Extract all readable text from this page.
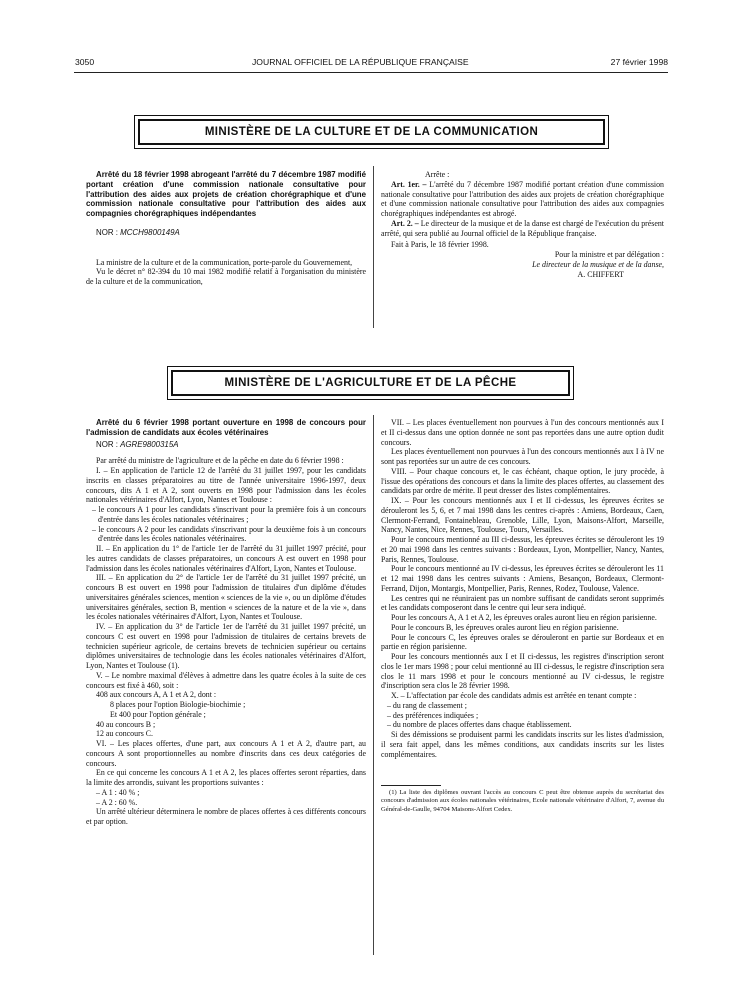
3050	JOURNAL OFFICIEL DE LA RÉPUBLIQUE FRANÇAISE	27 février 1998
MINISTÈRE DE LA CULTURE ET DE LA COMMUNICATION

Arrêté du 18 février 1998 abrogeant l'arrêté du 7 décembre 1987 modifié portant création d'une commission nationale consultative pour l'attribution des aides aux projets de création chorégraphique et d'une commission nationale consultative pour l'attribution des aides aux compagnies chorégraphiques indépendantes

NOR : MCCH9800149A

La ministre de la culture et de la communication, porte-parole du Gouvernement,

Vu le décret n° 82-394 du 10 mai 1982 modifié relatif à l'organisation du ministère de la culture et de la communication,

Arrête :

Art. 1er. – L'arrêté du 7 décembre 1987 modifié portant création d'une commission nationale consultative pour l'attribution des aides aux projets de création chorégraphique et d'une commission nationale consultative pour l'attribution des aides aux compagnies chorégraphiques indépendantes est abrogé.

Art. 2. – Le directeur de la musique et de la danse est chargé de l'exécution du présent arrêté, qui sera publié au Journal officiel de la République française.

Fait à Paris, le 18 février 1998.

Pour la ministre et par délégation :

Le directeur de la musique et de la danse,

A. CHIFFERT

MINISTÈRE DE L'AGRICULTURE ET DE LA PÊCHE

Arrêté du 6 février 1998 portant ouverture en 1998 de concours pour l'admission de candidats aux écoles vétérinaires

NOR : AGRE9800315A

Par arrêté du ministre de l'agriculture et de la pêche en date du 6 février 1998 :

I. – En application de l'article 12 de l'arrêté du 31 juillet 1997, pour les candidats inscrits en classes préparatoires au titre de l'année universitaire 1996-1997, deux concours, dits A 1 et A 2, sont ouverts en 1998 pour l'admission dans les écoles nationales vétérinaires d'Alfort, Lyon, Nantes et Toulouse :

– le concours A 1 pour les candidats s'inscrivant pour la première fois à un concours d'entrée dans les écoles nationales vétérinaires ;

– le concours A 2 pour les candidats s'inscrivant pour la deuxième fois à un concours d'entrée dans les écoles nationales vétérinaires.

II. – En application du 1° de l'article 1er de l'arrêté du 31 juillet 1997 précité, pour les autres candidats de classes préparatoires, un concours A est ouvert en 1998 pour l'admission dans les écoles nationales vétérinaires d'Alfort, Lyon, Nantes et Toulouse.

III. – En application du 2° de l'article 1er de l'arrêté du 31 juillet 1997 précité, un concours B est ouvert en 1998 pour l'admission de titulaires d'un diplôme d'études universitaires générales sciences, mention « sciences de la vie », ou un diplôme d'études universitaires générales, section B, mention « sciences de la nature et de la vie », dans les écoles nationales vétérinaires d'Alfort, Lyon, Nantes et Toulouse.

IV. – En application du 3° de l'article 1er de l'arrêté du 31 juillet 1997 précité, un concours C est ouvert en 1998 pour l'admission de titulaires de certains brevets de technicien supérieur agricole, de certains brevets de technicien supérieur ou certains diplômes universitaires de technologie dans les écoles nationales vétérinaires d'Alfort, Lyon, Nantes et Toulouse (1).

V. – Le nombre maximal d'élèves à admettre dans les quatre écoles à la suite de ces concours est fixé à 460, soit :

408 aux concours A, A 1 et A 2, dont :

8 places pour l'option Biologie-biochimie ;

Et 400 pour l'option générale ;

40 au concours B ;

12 au concours C.

VI. – Les places offertes, d'une part, aux concours A 1 et A 2, d'autre part, au concours A sont proportionnelles au nombre d'inscrits dans ces deux catégories de concours.

En ce qui concerne les concours A 1 et A 2, les places offertes seront réparties, dans la limite des arrondis, suivant les proportions suivantes :

– A 1 : 40 % ;

– A 2 : 60 %.

Un arrêté ultérieur déterminera le nombre de places offertes à ces différents concours et par option.

VII. – Les places éventuellement non pourvues à l'un des concours mentionnés aux I et II ci-dessus dans une option donnée ne sont pas reportées dans une autre option dudit concours.

Les places éventuellement non pourvues à l'un des concours mentionnés aux I à IV ne sont pas reportées sur un autre de ces concours.

VIII. – Pour chaque concours et, le cas échéant, chaque option, le jury procède, à l'issue des opérations des concours et dans la limite des places offertes, au classement des candidats par ordre de mérite. Il peut dresser des listes complémentaires.

IX. – Pour les concours mentionnés aux I et II ci-dessus, les épreuves écrites se dérouleront les 5, 6, et 7 mai 1998 dans les centres ci-après : Amiens, Bordeaux, Caen, Clermont-Ferrand, Fontainebleau, Grenoble, Lille, Lyon, Maisons-Alfort, Marseille, Nancy, Nantes, Nice, Rennes, Toulouse, Tours, Versailles.

Pour le concours mentionné au III ci-dessus, les épreuves écrites se dérouleront les 19 et 20 mai 1998 dans les centres suivants : Bordeaux, Lyon, Montpellier, Nancy, Nantes, Paris, Rennes, Toulouse.

Pour le concours mentionné au IV ci-dessus, les épreuves écrites se dérouleront les 11 et 12 mai 1998 dans les centres suivants : Amiens, Besançon, Bordeaux, Clermont-Ferrand, Dijon, Montargis, Montpellier, Paris, Rennes, Rodez, Toulouse, Valence.

Les centres qui ne réuniraient pas un nombre suffisant de candidats seront supprimés et les candidats composeront dans le centre qui leur sera indiqué.

Pour les concours A, A 1 et A 2, les épreuves orales auront lieu en région parisienne.

Pour le concours B, les épreuves orales auront lieu en région parisienne.

Pour le concours C, les épreuves orales se dérouleront en partie sur Bordeaux et en partie en région parisienne.

Pour les concours mentionnés aux I et II ci-dessus, les registres d'inscription seront clos le 1er mars 1998 ; pour celui mentionné au III ci-dessus, le registre d'inscription sera clos le 11 mars 1998 et pour le concours mentionné au IV ci-dessus, le registre d'inscription sera clos le 28 février 1998.

X. – L'affectation par école des candidats admis est arrêtée en tenant compte :

– du rang de classement ;

– des préférences indiquées ;

– du nombre de places offertes dans chaque établissement.

Si des démissions se produisent parmi les candidats inscrits sur les listes d'admission, il sera fait appel, dans les mêmes conditions, aux candidats inscrits sur les listes complémentaires.

(1) La liste des diplômes ouvrant l'accès au concours C peut être obtenue auprès du secrétariat des concours d'admission aux écoles nationales vétérinaires, Ecole nationale vétérinaire d'Alfort, 7, avenue du Général-de-Gaulle, 94704 Maisons-Alfort Cedex.
